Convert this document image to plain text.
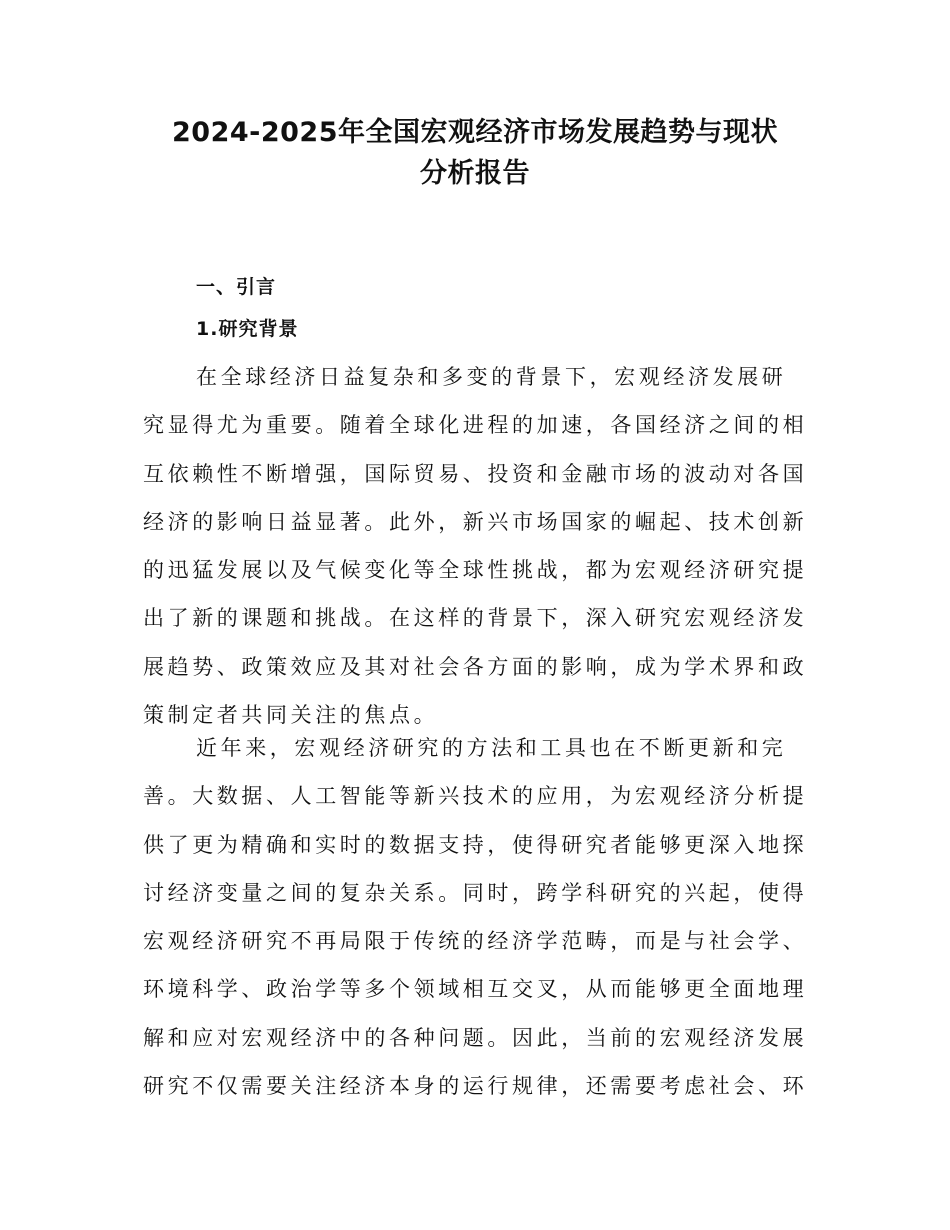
2024-2025年全国宏观经济市场发展趋势与现状
分析报告
一、引言
1.研究背景

在全球经济日益复杂和多变的背景下，宏观经济发展研
究显得尤为重要。随着全球化进程的加速，各国经济之间的相
互依赖性不断增强，国际贸易、投资和金融市场的波动对各国
经济的影响日益显著。此外，新兴市场国家的崛起、技术创新
的迅猛发展以及气候变化等全球性挑战，都为宏观经济研究提
出了新的课题和挑战。在这样的背景下，深入研究宏观经济发
展趋势、政策效应及其对社会各方面的影响，成为学术界和政
策制定者共同关注的焦点。

近年来，宏观经济研究的方法和工具也在不断更新和完
善。大数据、人工智能等新兴技术的应用，为宏观经济分析提
供了更为精确和实时的数据支持，使得研究者能够更深入地探
讨经济变量之间的复杂关系。同时，跨学科研究的兴起，使得
宏观经济研究不再局限于传统的经济学范畴，而是与社会学、
环境科学、政治学等多个领域相互交叉，从而能够更全面地理
解和应对宏观经济中的各种问题。因此，当前的宏观经济发展
研究不仅需要关注经济本身的运行规律，还需要考虑社会、环
